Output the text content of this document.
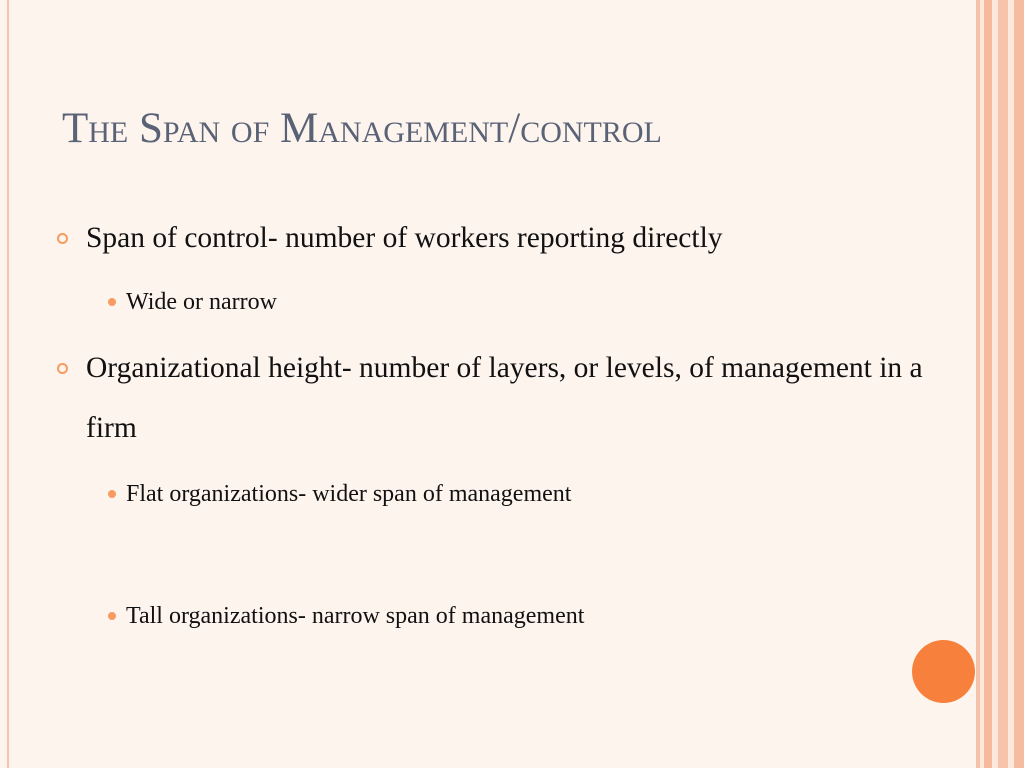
The Span of Management/control

Span of control- number of workers reporting directly

Wide or narrow

Organizational height- number of layers, or levels, of management in a firm

Flat organizations- wider span of management

Tall organizations- narrow span of management
